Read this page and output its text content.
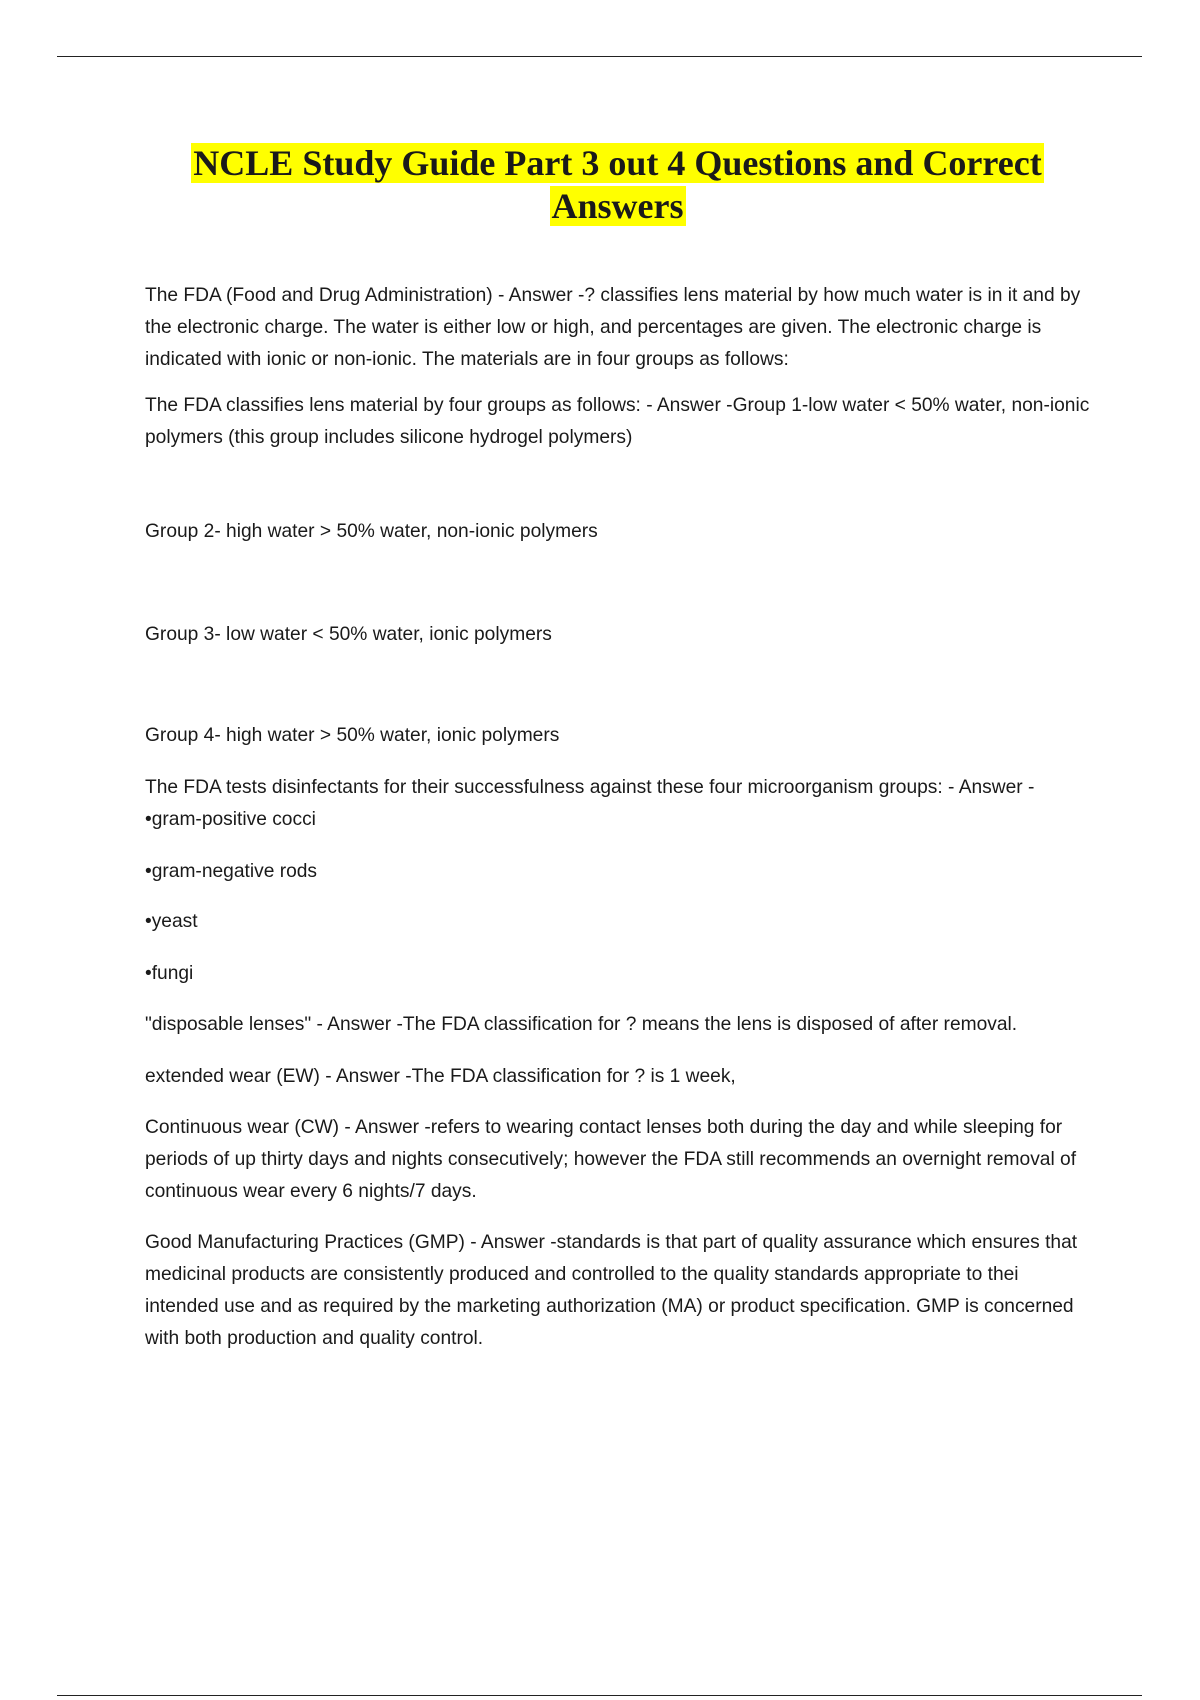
NCLE Study Guide Part 3 out 4 Questions and Correct Answers

The FDA (Food and Drug Administration) - Answer -? classifies lens material by how much water is in it and by the electronic charge. The water is either low or high, and percentages are given. The electronic charge is indicated with ionic or non-ionic. The materials are in four groups as follows:

The FDA classifies lens material by four groups as follows: - Answer -Group 1-low water < 50% water, non-ionic polymers (this group includes silicone hydrogel polymers)

Group 2- high water > 50% water, non-ionic polymers

Group 3- low water < 50% water, ionic polymers

Group 4- high water > 50% water, ionic polymers

The FDA tests disinfectants for their successfulness against these four microorganism groups: - Answer -
•gram-positive cocci

•gram-negative rods

•yeast

•fungi

"disposable lenses" - Answer -The FDA classification for ? means the lens is disposed of after removal.

extended wear (EW) - Answer -The FDA classification for ? is 1 week,

Continuous wear (CW) - Answer -refers to wearing contact lenses both during the day and while sleeping for periods of up thirty days and nights consecutively; however the FDA still recommends an overnight removal of continuous wear every 6 nights/7 days.

Good Manufacturing Practices (GMP) - Answer -standards is that part of quality assurance which ensures that medicinal products are consistently produced and controlled to the quality standards appropriate to thei intended use and as required by the marketing authorization (MA) or product specification. GMP is concerned with both production and quality control.
